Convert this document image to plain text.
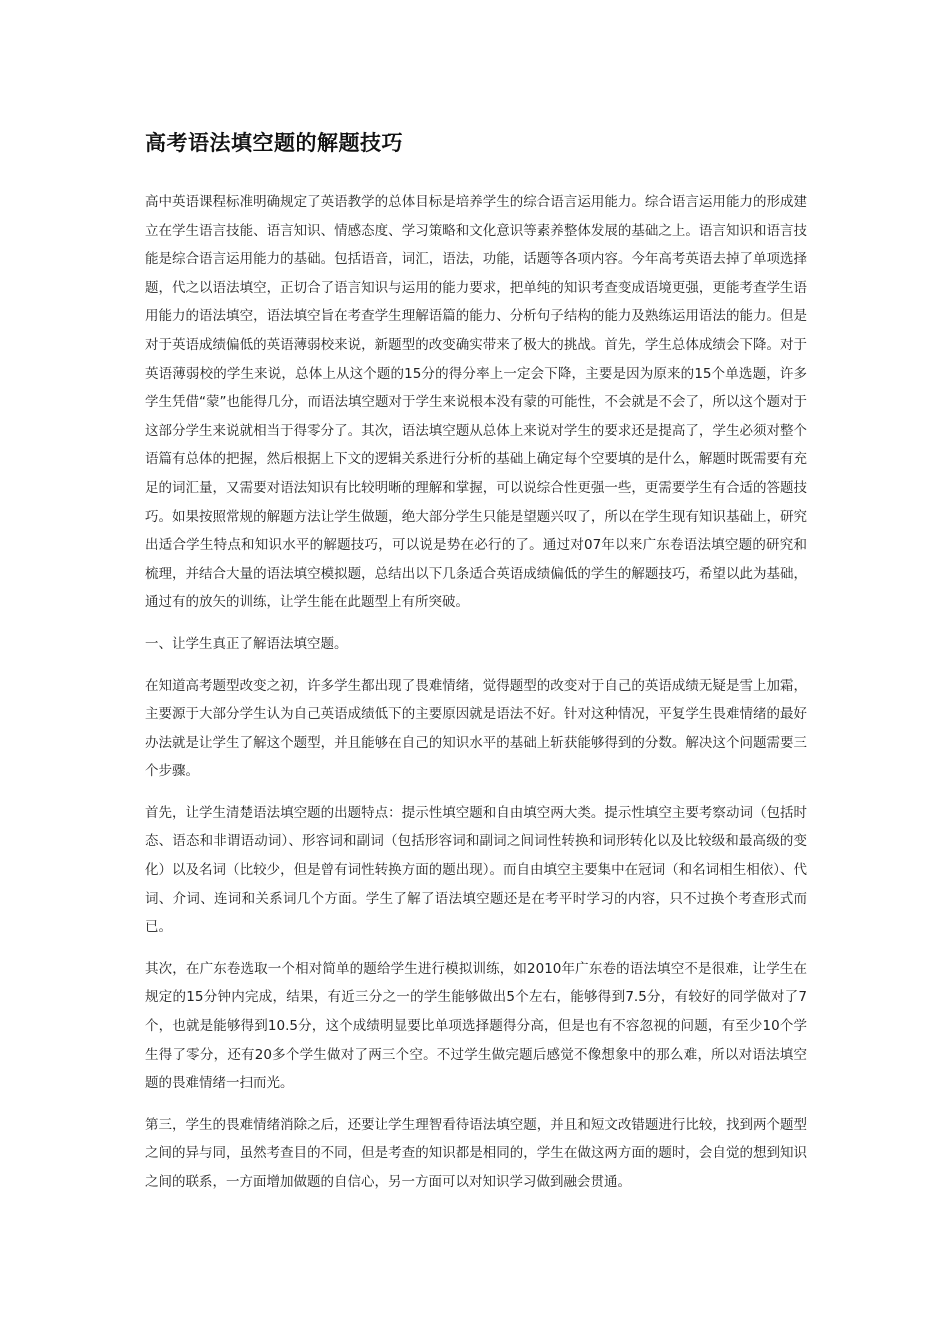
高考语法填空题的解题技巧

高中英语课程标准明确规定了英语教学的总体目标是培养学生的综合语言运用能力。综合语言运用能力的形成建立在学生语言技能、语言知识、情感态度、学习策略和文化意识等素养整体发展的基础之上。语言知识和语言技能是综合语言运用能力的基础。包括语音，词汇，语法，功能，话题等各项内容。今年高考英语去掉了单项选择题，代之以语法填空，正切合了语言知识与运用的能力要求，把单纯的知识考查变成语境更强，更能考查学生语用能力的语法填空，语法填空旨在考查学生理解语篇的能力、分析句子结构的能力及熟练运用语法的能力。但是对于英语成绩偏低的英语薄弱校来说，新题型的改变确实带来了极大的挑战。首先，学生总体成绩会下降。对于英语薄弱校的学生来说，总体上从这个题的15分的得分率上一定会下降，主要是因为原来的15个单选题，许多学生凭借“蒙”也能得几分，而语法填空题对于学生来说根本没有蒙的可能性，不会就是不会了，所以这个题对于这部分学生来说就相当于得零分了。其次，语法填空题从总体上来说对学生的要求还是提高了，学生必须对整个语篇有总体的把握，然后根据上下文的逻辑关系进行分析的基础上确定每个空要填的是什么，解题时既需要有充足的词汇量，又需要对语法知识有比较明晰的理解和掌握，可以说综合性更强一些，更需要学生有合适的答题技巧。如果按照常规的解题方法让学生做题，绝大部分学生只能是望题兴叹了，所以在学生现有知识基础上，研究出适合学生特点和知识水平的解题技巧，可以说是势在必行的了。通过对07年以来广东卷语法填空题的研究和梳理，并结合大量的语法填空模拟题，总结出以下几条适合英语成绩偏低的学生的解题技巧，希望以此为基础，通过有的放矢的训练，让学生能在此题型上有所突破。

一、让学生真正了解语法填空题。

在知道高考题型改变之初，许多学生都出现了畏难情绪，觉得题型的改变对于自己的英语成绩无疑是雪上加霜，主要源于大部分学生认为自己英语成绩低下的主要原因就是语法不好。针对这种情况，平复学生畏难情绪的最好办法就是让学生了解这个题型，并且能够在自己的知识水平的基础上斩获能够得到的分数。解决这个问题需要三个步骤。

首先，让学生清楚语法填空题的出题特点：提示性填空题和自由填空两大类。提示性填空主要考察动词（包括时态、语态和非谓语动词）、形容词和副词（包括形容词和副词之间词性转换和词形转化以及比较级和最高级的变化）以及名词（比较少，但是曾有词性转换方面的题出现）。而自由填空主要集中在冠词（和名词相生相依）、代词、介词、连词和关系词几个方面。学生了解了语法填空题还是在考平时学习的内容，只不过换个考查形式而已。

其次，在广东卷选取一个相对简单的题给学生进行模拟训练，如2010年广东卷的语法填空不是很难，让学生在规定的15分钟内完成，结果，有近三分之一的学生能够做出5个左右，能够得到7.5分，有较好的同学做对了7个，也就是能够得到10.5分，这个成绩明显要比单项选择题得分高，但是也有不容忽视的问题，有至少10个学生得了零分，还有20多个学生做对了两三个空。不过学生做完题后感觉不像想象中的那么难，所以对语法填空题的畏难情绪一扫而光。

第三，学生的畏难情绪消除之后，还要让学生理智看待语法填空题，并且和短文改错题进行比较，找到两个题型之间的异与同，虽然考查目的不同，但是考查的知识都是相同的，学生在做这两方面的题时，会自觉的想到知识之间的联系，一方面增加做题的自信心，另一方面可以对知识学习做到融会贯通。
